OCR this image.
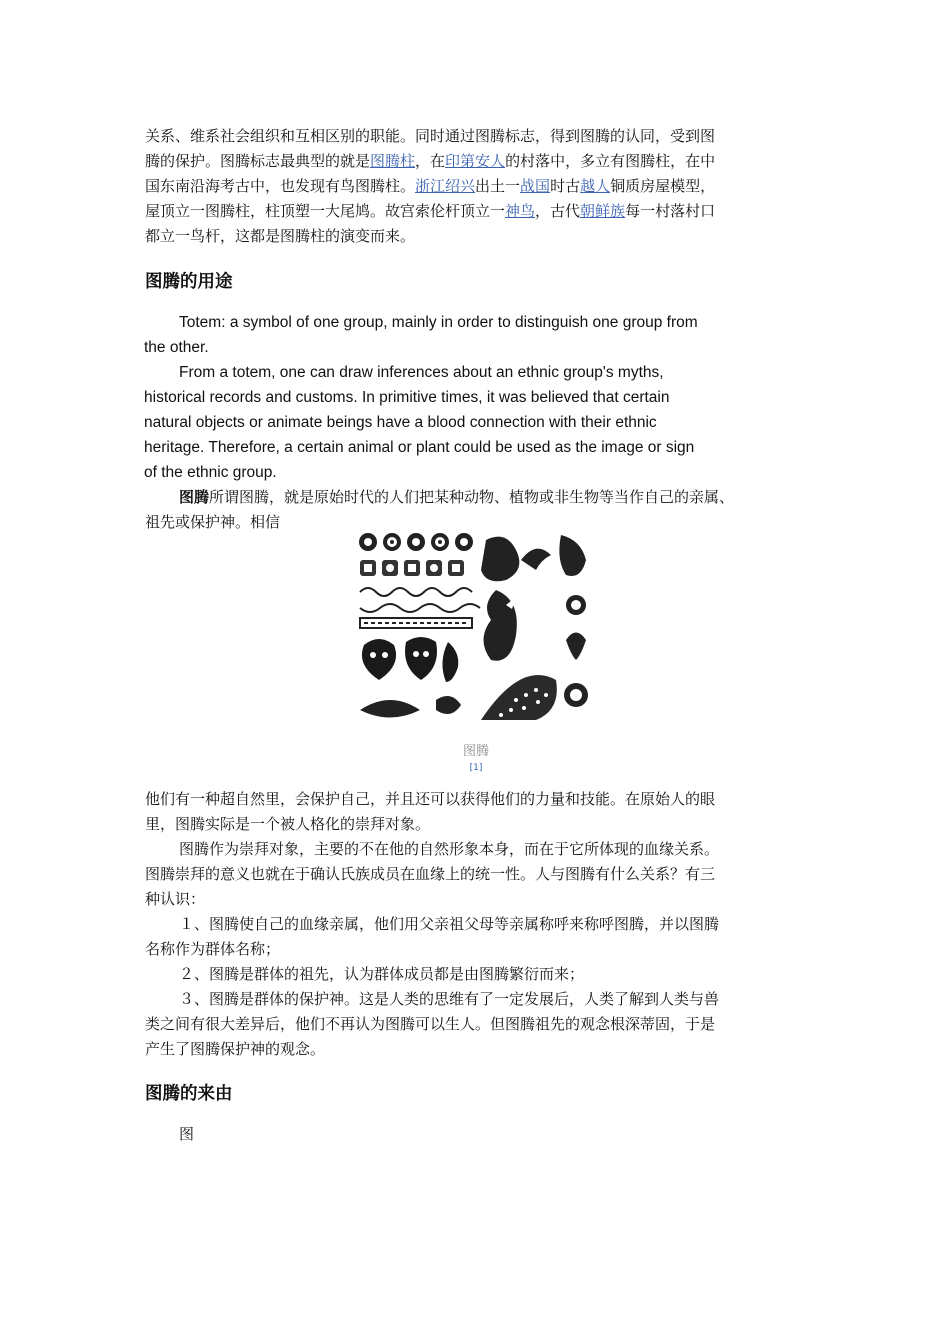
关系、维系社会组织和互相区别的职能。同时通过图腾标志，得到图腾的认同，受到图
腾的保护。图腾标志最典型的就是图腾柱，在印第安人的村落中，多立有图腾柱，在中
国东南沿海考古中，也发现有鸟图腾柱。浙江绍兴出土一战国时古越人铜质房屋模型，
屋顶立一图腾柱，柱顶塑一大尾鸠。故宫索伦杆顶立一神鸟，古代朝鲜族每一村落村口
都立一鸟杆，这都是图腾柱的演变而来。
图腾的用途
Totem: a symbol of one group, mainly in order to distinguish one group from
the other.
From a totem, one can draw inferences about an ethnic group's myths,
historical records and customs. In primitive times, it was believed that certain
natural objects or animate beings have a blood connection with their ethnic
heritage. Therefore, a certain animal or plant could be used as the image or sign
of the ethnic group.
图腾所谓图腾，就是原始时代的人们把某种动物、植物或非生物等当作自己的亲属、
祖先或保护神。相信
图腾
[1]
他们有一种超自然里，会保护自己，并且还可以获得他们的力量和技能。在原始人的眼
里，图腾实际是一个被人格化的崇拜对象。
图腾作为崇拜对象，主要的不在他的自然形象本身，而在于它所体现的血缘关系。
图腾崇拜的意义也就在于确认氏族成员在血缘上的统一性。人与图腾有什么关系？有三
种认识：
１、图腾使自己的血缘亲属，他们用父亲祖父母等亲属称呼来称呼图腾，并以图腾
名称作为群体名称；
２、图腾是群体的祖先，认为群体成员都是由图腾繁衍而来；
３、图腾是群体的保护神。这是人类的思维有了一定发展后，人类了解到人类与兽
类之间有很大差异后，他们不再认为图腾可以生人。但图腾祖先的观念根深蒂固，于是
产生了图腾保护神的观念。
图腾的来由
图
